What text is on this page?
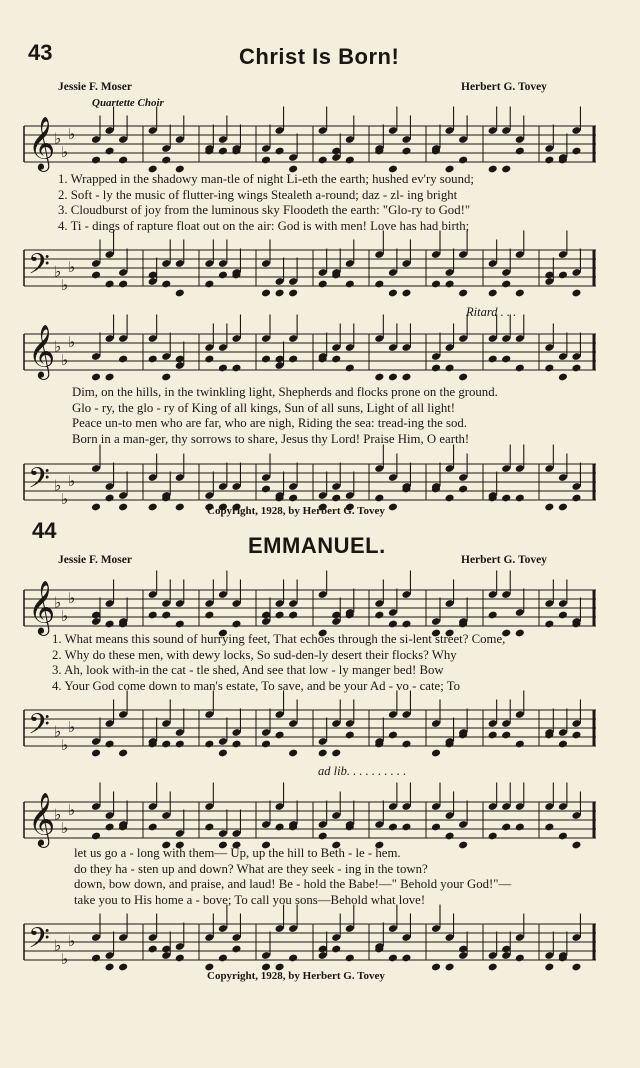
43	Christ Is Born!
Jessie F. Moser	Herbert G. Tovey
Quartette Choir
𝄞
♭
♭
♭
1. Wrapped in the shadowy man-tle of night Li-eth the earth; hushed ev'ry sound;
2. Soft - ly the music of flutter-ing wings Stealeth a-round; daz - zl- ing bright
3. Cloudburst of joy from the luminous sky Floodeth the earth: "Glo-ry to God!"
4. Ti - dings of rapture float out on the air: God is with men! Love has had birth;
𝄢 ♭
♭
♭
Ritard . . .
𝄞
♭
♭
♭
Dim, on the hills, in the twinkling light, Shepherds and flocks prone on the ground.
Glo - ry, the glo - ry of King of all kings, Sun of all suns, Light of all light!
Peace un-to men who are far, who are nigh, Riding the sea: tread-ing the sod.
Born in a man-ger, thy sorrows to share, Jesus thy Lord! Praise Him, O earth!
𝄢 ♭
♭
♭
Copyright, 1928, by Herbert G. Tovey
44
EMMANUEL.
Jessie F. Moser	Herbert G. Tovey
𝄞
♭
♭
♭
1. What means this sound of hurrying feet, That echoes through the si-lent street? Come,
2. Why do these men, with dewy locks, So sud-den-ly desert their flocks? Why
3. Ah, look with-in the cat - tle shed, And see that low - ly manger bed! Bow
4. Your God come down to man's estate, To save, and be your Ad - vo - cate; To
𝄢 ♭
♭
♭
ad lib. . . . . . . . . .
𝄞
♭
♭
♭
let us go a - long with them— Up, up the hill to Beth - le - hem.
do they ha - sten up and down? What are they seek - ing in the town?
down, bow down, and praise, and laud! Be - hold the Babe!—" Behold your God!"—
take you to His home a - bove; To call you sons—Behold what love!
𝄢 ♭
♭
♭
Copyright, 1928, by Herbert G. Tovey
